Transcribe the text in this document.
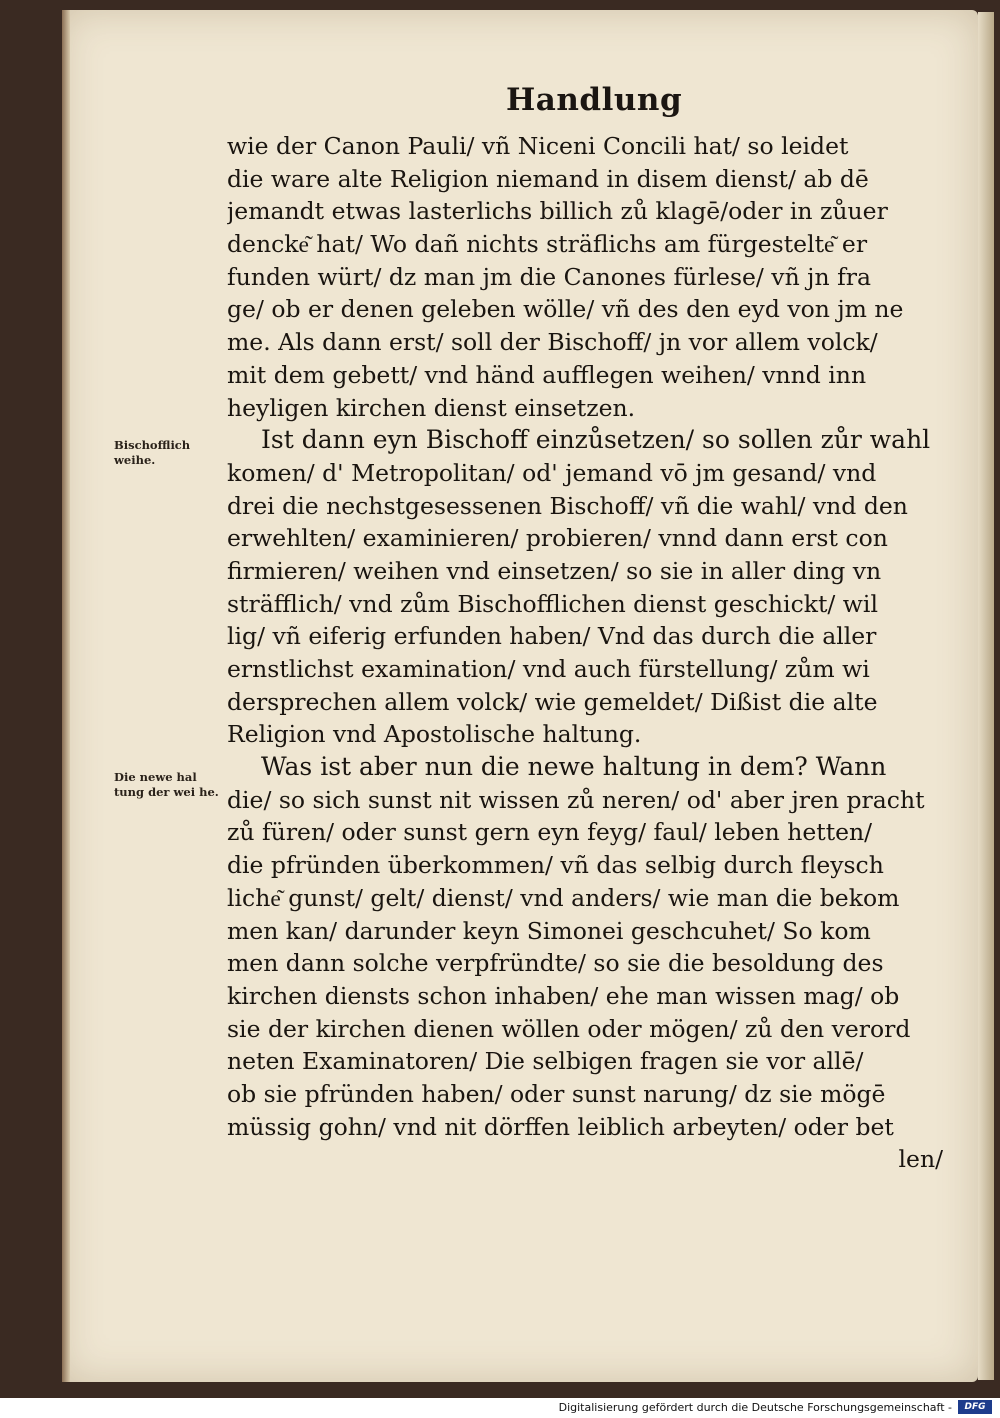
Handlung
Bischofflich weihe.
Die newe hal tung der wei he.
wie der Canon Pauli/ vñ Niceni Concili hat/ so leidet
die ware alte Religion niemand in disem dienst/ ab dē
jemandt etwas lasterlichs billich zů klagē/oder in zůuer
dencke͂ hat/ Wo dañ nichts sträflichs am fürgestelte͂ er
funden würt/ dz man jm die Canones fürlese/ vñ jn fra
ge/ ob er denen geleben wölle/ vñ des den eyd von jm ne
me. Als dann erst/ soll der Bischoff/ jn vor allem volck/
mit dem gebett/ vnd händ aufflegen weihen/ vnnd inn
heyligen kirchen dienst einsetzen.
Ist dann eyn Bischoff einzůsetzen/ so sollen zůr wahl
komen/ d' Metropolitan/ od' jemand vō jm gesand/ vnd
drei die nechstgesessenen Bischoff/ vñ die wahl/ vnd den
erwehlten/ examinieren/ probieren/ vnnd dann erst con
firmieren/ weihen vnd einsetzen/ so sie in aller ding vn
sträfflich/ vnd zům Bischofflichen dienst geschickt/ wil
lig/ vñ eiferig erfunden haben/ Vnd das durch die aller
ernstlichst examination/ vnd auch fürstellung/ zům wi
dersprechen allem volck/ wie gemeldet/ Dißist die alte
Religion vnd Apostolische haltung.
Was ist aber nun die newe haltung in dem? Wann
die/ so sich sunst nit wissen zů neren/ od' aber jren pracht
zů füren/ oder sunst gern eyn feyg/ faul/ leben hetten/
die pfründen überkommen/ vñ das selbig durch fleysch
liche͂ gunst/ gelt/ dienst/ vnd anders/ wie man die bekom
men kan/ darunder keyn Simonei geschcuhet/ So kom
men dann solche verpfründte/ so sie die besoldung des
kirchen diensts schon inhaben/ ehe man wissen mag/ ob
sie der kirchen dienen wöllen oder mögen/ zů den verord
neten Examinatoren/ Die selbigen fragen sie vor allē/
ob sie pfründen haben/ oder sunst narung/ dz sie mögē
müssig gohn/ vnd nit dörffen leiblich arbeyten/ oder bet
len/
Digitalisierung gefördert durch die Deutsche Forschungsgemeinschaft -	DFG
